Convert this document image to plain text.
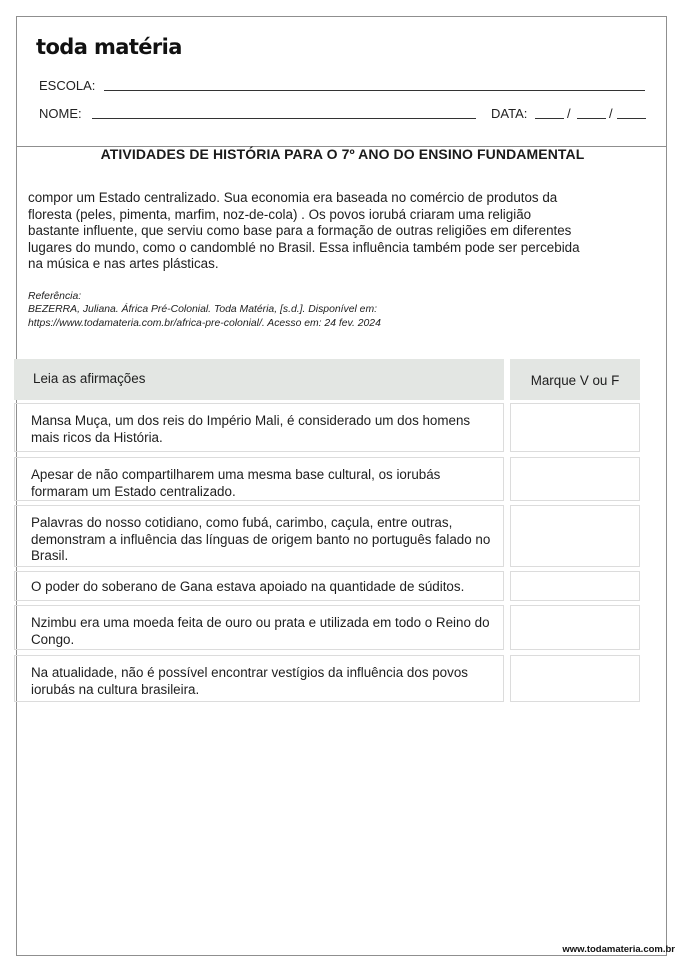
toda matéria
ESCOLA:
NOME:	DATA:	/	/
ATIVIDADES DE HISTÓRIA PARA O 7º ANO DO ENSINO FUNDAMENTAL
compor um Estado centralizado. Sua economia era baseada no comércio de produtos da
floresta (peles, pimenta, marfim, noz-de-cola) . Os povos iorubá criaram uma religião
bastante influente, que serviu como base para a formação de outras religiões em diferentes
lugares do mundo, como o candomblé no Brasil. Essa influência também pode ser percebida
na música e nas artes plásticas.
Referência:
BEZERRA, Juliana. África Pré-Colonial. Toda Matéria, [s.d.]. Disponível em:
https://www.todamateria.com.br/africa-pre-colonial/. Acesso em: 24 fev. 2024
Leia as afirmações	Marque V ou F
Mansa Muça, um dos reis do Império Mali, é considerado um dos homens mais ricos da História.
Apesar de não compartilharem uma mesma base cultural, os iorubás formaram um Estado centralizado.
Palavras do nosso cotidiano, como fubá, carimbo, caçula, entre outras, demonstram a influência das línguas de origem banto no português falado no Brasil.
O poder do soberano de Gana estava apoiado na quantidade de súditos.
Nzimbu era uma moeda feita de ouro ou prata e utilizada em todo o Reino do Congo.
Na atualidade, não é possível encontrar vestígios da influência dos povos iorubás na cultura brasileira.
www.todamateria.com.br
